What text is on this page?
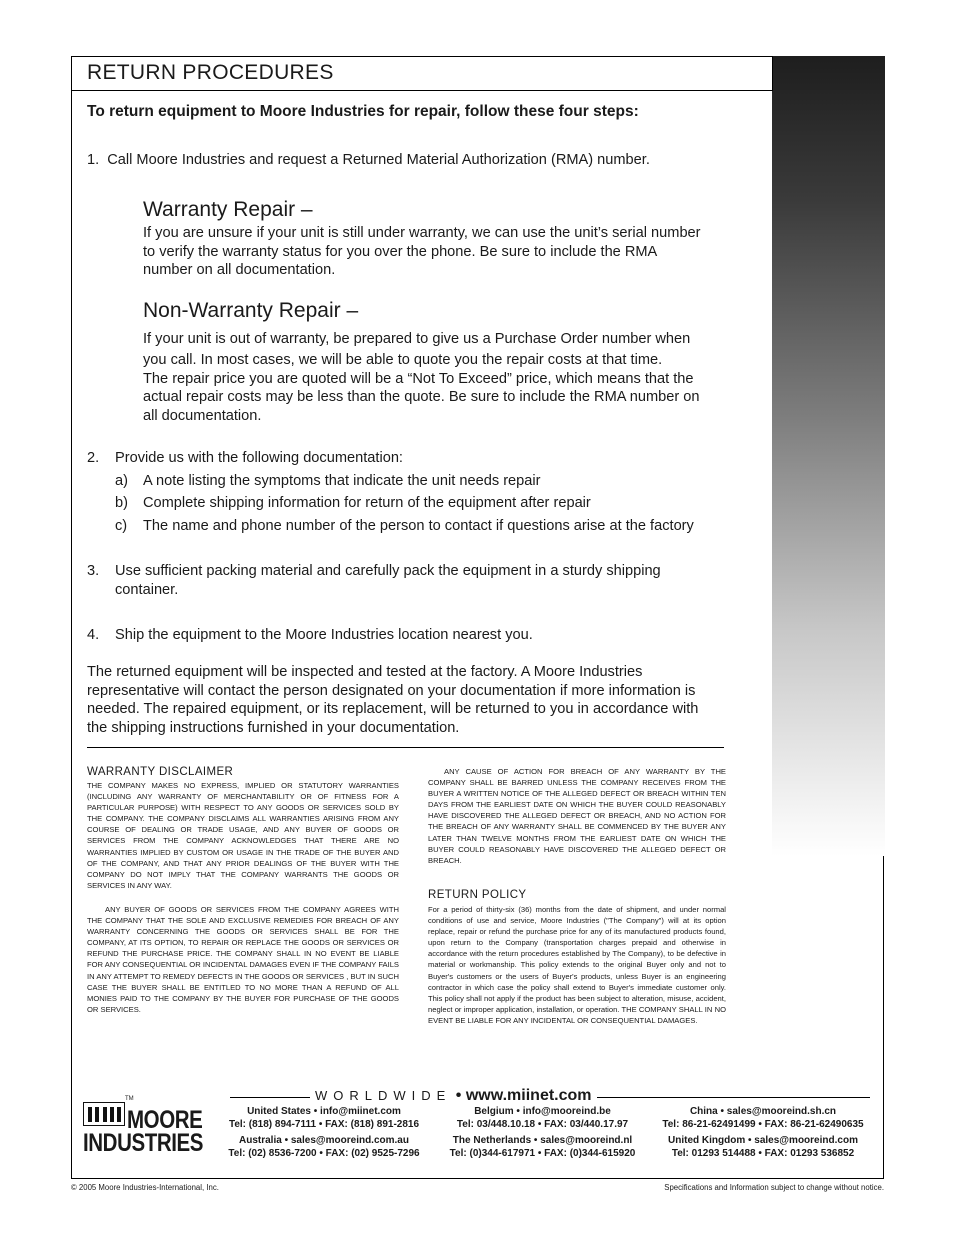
RETURN PROCEDURES
To return equipment to Moore Industries for repair, follow these four steps:
1. Call Moore Industries and request a Returned Material Authorization (RMA) number.
Warranty Repair –
If you are unsure if your unit is still under warranty, we can use the unit’s serial number
to verify the warranty status for you over the phone. Be sure to include the RMA
number on all documentation.
Non-Warranty Repair –
If your unit is out of warranty, be prepared to give us a Purchase Order number when
you call. In most cases, we will be able to quote you the repair costs at that time.
The repair price you are quoted will be a “Not To Exceed” price, which means that the
actual repair costs may be less than the quote. Be sure to include the RMA number on
all documentation.
2. Provide us with the following documentation:
a) A note listing the symptoms that indicate the unit needs repair
b) Complete shipping information for return of the equipment after repair
c) The name and phone number of the person to contact if questions arise at the factory
3. Use sufficient packing material and carefully pack the equipment in a sturdy shipping
container.
4. Ship the equipment to the Moore Industries location nearest you.
The returned equipment will be inspected and tested at the factory. A Moore Industries
representative will contact the person designated on your documentation if more information is
needed. The repaired equipment, or its replacement, will be returned to you in accordance with
the shipping instructions furnished in your documentation.
WARRANTY DISCLAIMER
THE COMPANY MAKES NO EXPRESS, IMPLIED OR STATUTORY WARRANTIES (INCLUDING ANY WARRANTY OF MERCHANTABILITY OR OF FITNESS FOR A PARTICULAR PURPOSE) WITH RESPECT TO ANY GOODS OR SERVICES SOLD BY THE COMPANY. THE COMPANY DISCLAIMS ALL WARRANTIES ARISING FROM ANY COURSE OF DEALING OR TRADE USAGE, AND ANY BUYER OF GOODS OR SERVICES FROM THE COMPANY ACKNOWLEDGES THAT THERE ARE NO WARRANTIES IMPLIED BY CUSTOM OR USAGE IN THE TRADE OF THE BUYER AND OF THE COMPANY, AND THAT ANY PRIOR DEALINGS OF THE BUYER WITH THE COMPANY DO NOT IMPLY THAT THE COMPANY WARRANTS THE GOODS OR SERVICES IN ANY WAY.
ANY BUYER OF GOODS OR SERVICES FROM THE COMPANY AGREES WITH THE COMPANY THAT THE SOLE AND EXCLUSIVE REMEDIES FOR BREACH OF ANY WARRANTY CONCERNING THE GOODS OR SERVICES SHALL BE FOR THE COMPANY, AT ITS OPTION, TO REPAIR OR REPLACE THE GOODS OR SERVICES OR REFUND THE PURCHASE PRICE. THE COMPANY SHALL IN NO EVENT BE LIABLE FOR ANY CONSEQUENTIAL OR INCIDENTAL DAMAGES EVEN IF THE COMPANY FAILS IN ANY ATTEMPT TO REMEDY DEFECTS IN THE GOODS OR SERVICES , BUT IN SUCH CASE THE BUYER SHALL BE ENTITLED TO NO MORE THAN A REFUND OF ALL MONIES PAID TO THE COMPANY BY THE BUYER FOR PURCHASE OF THE GOODS OR SERVICES.
ANY CAUSE OF ACTION FOR BREACH OF ANY WARRANTY BY THE COMPANY SHALL BE BARRED UNLESS THE COMPANY RECEIVES FROM THE BUYER A WRITTEN NOTICE OF THE ALLEGED DEFECT OR BREACH WITHIN TEN DAYS FROM THE EARLIEST DATE ON WHICH THE BUYER COULD REASONABLY HAVE DISCOVERED THE ALLEGED DEFECT OR BREACH, AND NO ACTION FOR THE BREACH OF ANY WARRANTY SHALL BE COMMENCED BY THE BUYER ANY LATER THAN TWELVE MONTHS FROM THE EARLIEST DATE ON WHICH THE BUYER COULD REASONABLY HAVE DISCOVERED THE ALLEGED DEFECT OR BREACH.
RETURN POLICY
For a period of thirty-six (36) months from the date of shipment, and under normal conditions of use and service, Moore Industries ("The Company") will at its option replace, repair or refund the purchase price for any of its manufactured products found, upon return to the Company (transportation charges prepaid and otherwise in accordance with the return procedures established by The Company), to be defective in material or workmanship. This policy extends to the original Buyer only and not to Buyer's customers or the users of Buyer's products, unless Buyer is an engineering contractor in which case the policy shall extend to Buyer's immediate customer only. This policy shall not apply if the product has been subject to alteration, misuse, accident, neglect or improper application, installation, or operation. THE COMPANY SHALL IN NO EVENT BE LIABLE FOR ANY INCIDENTAL OR CONSEQUENTIAL DAMAGES.
WORLDWIDE • www.miinet.com
TM
MOORE
INDUSTRIES
United States • info@miinet.com
Tel: (818) 894-7111 • FAX: (818) 891-2816
Australia • sales@mooreind.com.au
Tel: (02) 8536-7200 • FAX: (02) 9525-7296
Belgium • info@mooreind.be
Tel: 03/448.10.18 • FAX: 03/440.17.97
The Netherlands • sales@mooreind.nl
Tel: (0)344-617971 • FAX: (0)344-615920
China • sales@mooreind.sh.cn
Tel: 86-21-62491499 • FAX: 86-21-62490635
United Kingdom • sales@mooreind.com
Tel: 01293 514488 • FAX: 01293 536852
© 2005 Moore Industries-International, Inc.	Specifications and Information subject to change without notice.
